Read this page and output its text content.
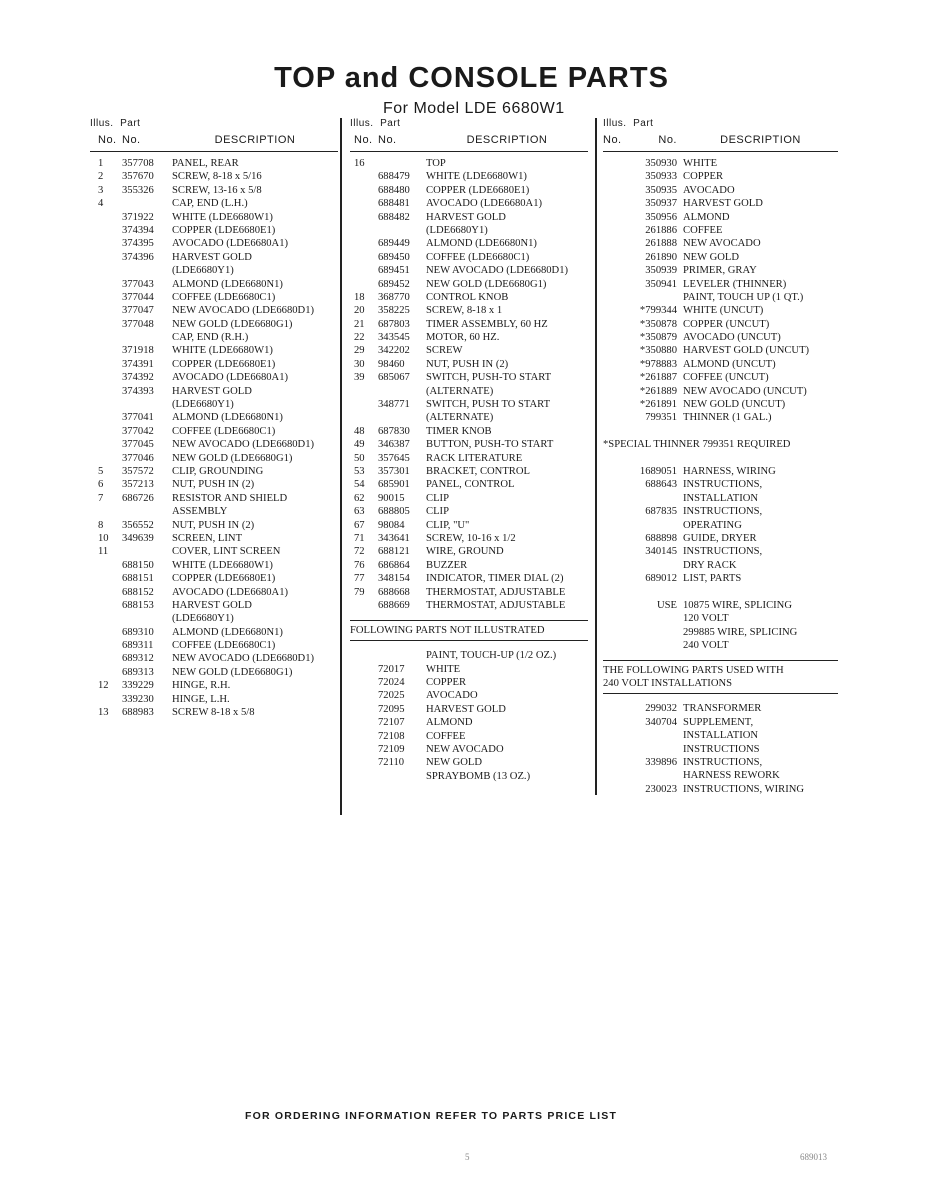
TOP and CONSOLE PARTS
For Model LDE 6680W1
Illus.  Part
No. No.	DESCRIPTION
1	357708	PANEL, REAR
2	357670	SCREW, 8-18 x 5/16
3	355326	SCREW, 13-16 x 5/8
4	CAP, END (L.H.)
371922	WHITE (LDE6680W1)
374394	COPPER (LDE6680E1)
374395	AVOCADO (LDE6680A1)
374396	HARVEST GOLD
(LDE6680Y1)
377043	ALMOND (LDE6680N1)
377044	COFFEE (LDE6680C1)
377047	NEW AVOCADO (LDE6680D1)
377048	NEW GOLD (LDE6680G1)
CAP, END (R.H.)
371918	WHITE (LDE6680W1)
374391	COPPER (LDE6680E1)
374392	AVOCADO (LDE6680A1)
374393	HARVEST GOLD
(LDE6680Y1)
377041	ALMOND (LDE6680N1)
377042	COFFEE (LDE6680C1)
377045	NEW AVOCADO (LDE6680D1)
377046	NEW GOLD (LDE6680G1)
5	357572	CLIP, GROUNDING
6	357213	NUT, PUSH IN (2)
7	686726	RESISTOR AND SHIELD
ASSEMBLY
8	356552	NUT, PUSH IN (2)
10	349639	SCREEN, LINT
11	COVER, LINT SCREEN
688150	WHITE (LDE6680W1)
688151	COPPER (LDE6680E1)
688152	AVOCADO (LDE6680A1)
688153	HARVEST GOLD
(LDE6680Y1)
689310	ALMOND (LDE6680N1)
689311	COFFEE (LDE6680C1)
689312	NEW AVOCADO (LDE6680D1)
689313	NEW GOLD (LDE6680G1)
12	339229	HINGE, R.H.
339230	HINGE, L.H.
13	688983	SCREW 8-18 x 5/8
Illus.  Part
No. No.	DESCRIPTION
16	TOP
688479	WHITE (LDE6680W1)
688480	COPPER (LDE6680E1)
688481	AVOCADO (LDE6680A1)
688482	HARVEST GOLD
(LDE6680Y1)
689449	ALMOND (LDE6680N1)
689450	COFFEE (LDE6680C1)
689451	NEW AVOCADO (LDE6680D1)
689452	NEW GOLD (LDE6680G1)
18	368770	CONTROL KNOB
20	358225	SCREW, 8-18 x 1
21	687803	TIMER ASSEMBLY, 60 HZ
22	343545	MOTOR, 60 HZ.
29	342202	SCREW
30	98460	NUT, PUSH IN (2)
39	685067	SWITCH, PUSH-TO START
(ALTERNATE)
348771	SWITCH, PUSH TO START
(ALTERNATE)
48	687830	TIMER KNOB
49	346387	BUTTON, PUSH-TO START
50	357645	RACK LITERATURE
53	357301	BRACKET, CONTROL
54	685901	PANEL, CONTROL
62	90015	CLIP
63	688805	CLIP
67	98084	CLIP, "U"
71	343641	SCREW, 10-16 x 1/2
72	688121	WIRE, GROUND
76	686864	BUZZER
77	348154	INDICATOR, TIMER DIAL (2)
79	688668	THERMOSTAT, ADJUSTABLE
688669	THERMOSTAT, ADJUSTABLE
FOLLOWING PARTS NOT ILLUSTRATED
PAINT, TOUCH-UP (1/2 OZ.)
72017	WHITE
72024	COPPER
72025	AVOCADO
72095	HARVEST GOLD
72107	ALMOND
72108	COFFEE
72109	NEW AVOCADO
72110	NEW GOLD
SPRAYBOMB (13 OZ.)
Illus.  Part
No.	No.	DESCRIPTION
350930 WHITE
350933 COPPER
350935 AVOCADO
350937 HARVEST GOLD
350956 ALMOND
261886 COFFEE
261888 NEW AVOCADO
261890 NEW GOLD
350939 PRIMER, GRAY
350941 LEVELER (THINNER)
PAINT, TOUCH UP (1 QT.)
*799344 WHITE (UNCUT)
*350878 COPPER (UNCUT)
*350879 AVOCADO (UNCUT)
*350880 HARVEST GOLD (UNCUT)
*978883 ALMOND (UNCUT)
*261887 COFFEE (UNCUT)
*261889 NEW AVOCADO (UNCUT)
*261891 NEW GOLD (UNCUT)
799351 THINNER (1 GAL.)
*SPECIAL THINNER 799351 REQUIRED
1689051 HARNESS, WIRING
688643 INSTRUCTIONS,
INSTALLATION
687835 INSTRUCTIONS,
OPERATING
688898 GUIDE, DRYER
340145 INSTRUCTIONS,
DRY RACK
689012 LIST, PARTS
USE 10875 WIRE, SPLICING
120 VOLT
299885 WIRE, SPLICING
240 VOLT
THE FOLLOWING PARTS USED WITH
240 VOLT INSTALLATIONS
299032 TRANSFORMER
340704 SUPPLEMENT,
INSTALLATION
INSTRUCTIONS
339896 INSTRUCTIONS,
HARNESS REWORK
230023 INSTRUCTIONS, WIRING
FOR ORDERING INFORMATION REFER TO PARTS PRICE LIST
5	689013
